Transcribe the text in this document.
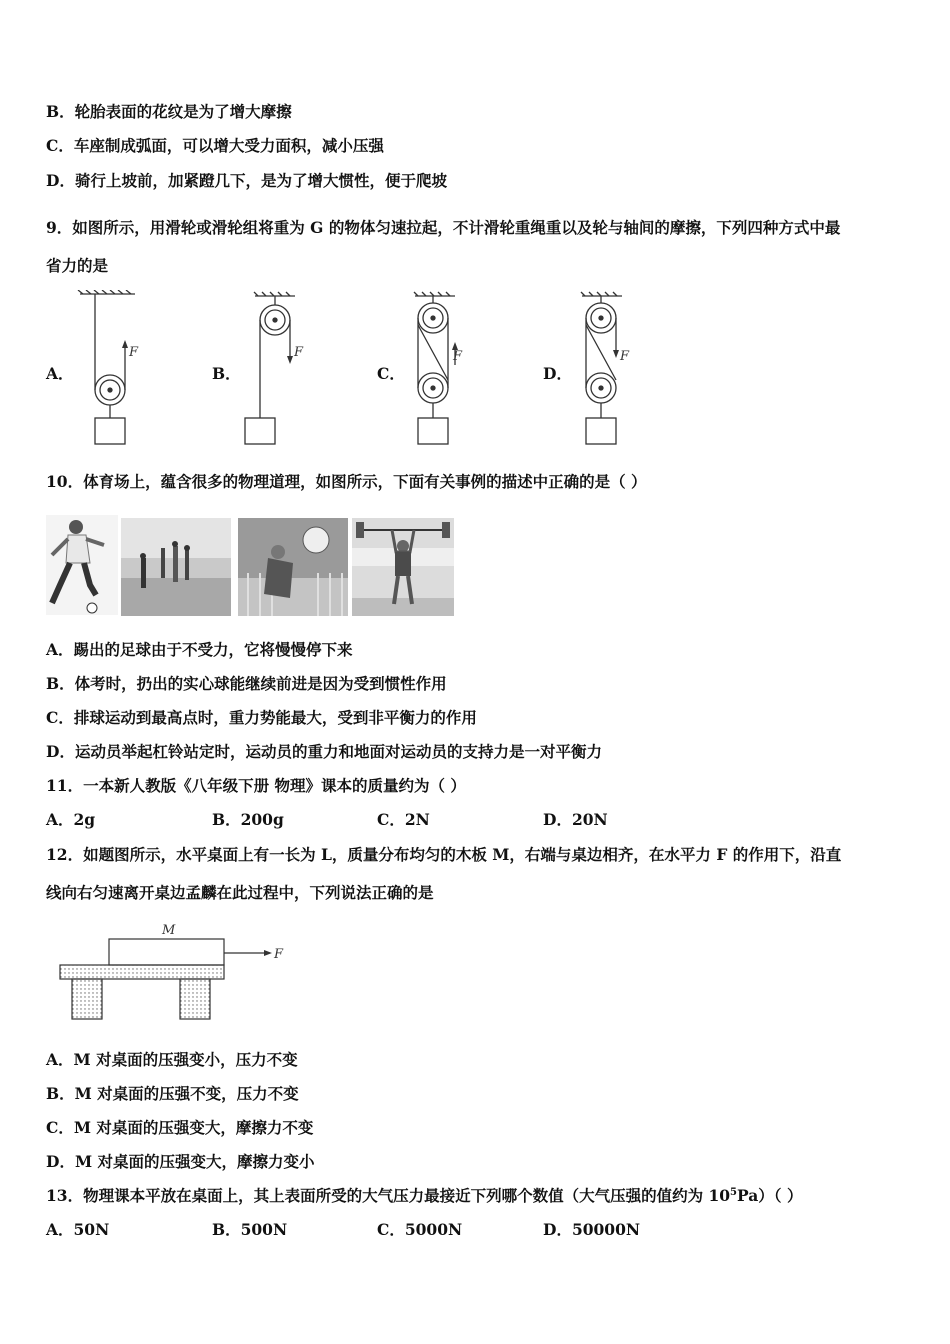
B．轮胎表面的花纹是为了增大摩擦
C．车座制成弧面，可以增大受力面积，减小压强
D．骑行上坡前，加紧蹬几下，是为了增大惯性，便于爬坡
9．如图所示，用滑轮或滑轮组将重为 G 的物体匀速拉起，不计滑轮重绳重以及轮与轴间的摩擦，下列四种方式中最
省力的是
A．	B．	C．	D．
F	F	F	F
10．体育场上，蕴含很多的物理道理，如图所示，下面有关事例的描述中正确的是（ ）
A．踢出的足球由于不受力，它将慢慢停下来
B．体考时，扔出的实心球能继续前进是因为受到惯性作用
C．排球运动到最高点时，重力势能最大，受到非平衡力的作用
D．运动员举起杠铃站定时，运动员的重力和地面对运动员的支持力是一对平衡力
11．一本新人教版《八年级下册 物理》课本的质量约为（ ）
A．2g	B．200g	C．2N	D．20N
12．如题图所示，水平桌面上有一长为 L，质量分布均匀的木板 M，右端与桌边相齐，在水平力 F 的作用下，沿直
线向右匀速离开桌边孟麟在此过程中，下列说法正确的是
M
F
A．M 对桌面的压强变小，压力不变
B．M 对桌面的压强不变，压力不变
C．M 对桌面的压强变大，摩擦力不变
D．M 对桌面的压强变大，摩擦力变小
13．物理课本平放在桌面上，其上表面所受的大气压力最接近下列哪个数值（大气压强的值约为 $10^5Pa$）（ ）
A．50N	B．500N	C．5000N	D．50000N
